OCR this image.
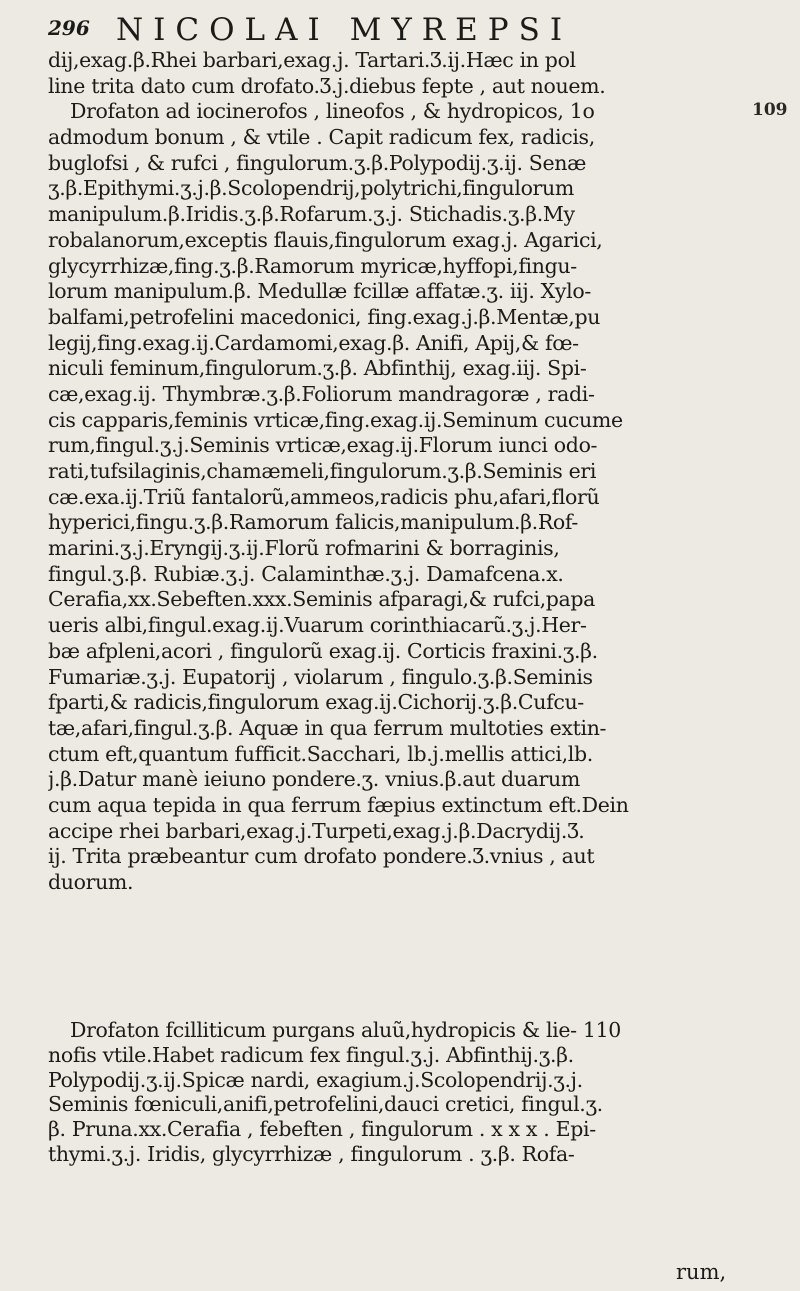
296 NICOLAI MYREPSI
dij,exag.β.Rhei barbari,exag.j. Tartari.Ʒ.ij.Hæc in pol
line trita dato cum drofato.Ʒ.j.diebus fepte , aut nouem.
Drofaton ad iocinerofos , lineofos , & hydropicos, 1o
admodum bonum , & vtile . Capit radicum fex, radicis,
buglofsi , & rufci , fingulorum.ʒ.β.Polypodij.ʒ.ij. Senæ
ʒ.β.Epithymi.ʒ.j.β.Scolopendrij,polytrichi,fingulorum
manipulum.β.Iridis.ʒ.β.Rofarum.ʒ.j. Stichadis.ʒ.β.My
robalanorum,exceptis flauis,fingulorum exag.j. Agarici,
glycyrrhizæ,fing.ʒ.β.Ramorum myricæ,hyffopi,fingu-
lorum manipulum.β. Medullæ fcillæ affatæ.ʒ. iij. Xylo-
balfami,petrofelini macedonici, fing.exag.j.β.Mentæ,pu
legij,fing.exag.ij.Cardamomi,exag.β. Anifi, Apij,& fœ-
niculi feminum,fingulorum.ʒ.β. Abfinthij, exag.iij. Spi-
cæ,exag.ij. Thymbræ.ʒ.β.Foliorum mandragoræ , radi-
cis capparis,feminis vrticæ,fing.exag.ij.Seminum cucume
rum,fingul.ʒ.j.Seminis vrticæ,exag.ij.Florum iunci odo-
rati,tufsilaginis,chamæmeli,fingulorum.ʒ.β.Seminis eri
cæ.exa.ij.Triũ fantalorũ,ammeos,radicis phu,afari,florũ
hyperici,fingu.ʒ.β.Ramorum falicis,manipulum.β.Rof-
marini.ʒ.j.Eryngij.ʒ.ij.Florũ rofmarini & borraginis,
fingul.ʒ.β. Rubiæ.ʒ.j. Calaminthæ.ʒ.j. Damafcena.x.
Cerafia,xx.Sebeften.xxx.Seminis afparagi,& rufci,papa
ueris albi,fingul.exag.ij.Vuarum corinthiacarũ.ʒ.j.Her-
bæ afpleni,acori , fingulorũ exag.ij. Corticis fraxini.ʒ.β.
Fumariæ.ʒ.j. Eupatorij , violarum , fingulo.ʒ.β.Seminis
fparti,& radicis,fingulorum exag.ij.Cichorij.ʒ.β.Cufcu-
tæ,afari,fingul.ʒ.β. Aquæ in qua ferrum multoties extin-
ctum eft,quantum fufficit.Sacchari, lb.j.mellis attici,lb.
j.β.Datur manè ieiuno pondere.ʒ. vnius.β.aut duarum
cum aqua tepida in qua ferrum fæpius extinctum eft.Dein
accipe rhei barbari,exag.j.Turpeti,exag.j.β.Dacrydij.Ʒ.
ij. Trita præbeantur cum drofato pondere.Ʒ.vnius , aut
duorum.
109
Drofaton fcilliticum purgans aluũ,hydropicis & lie- 110
nofis vtile.Habet radicum fex fingul.ʒ.j. Abfinthij.ʒ.β.
Polypodij.ʒ.ij.Spicæ nardi, exagium.j.Scolopendrij.ʒ.j.
Seminis fœniculi,anifi,petrofelini,dauci cretici, fingul.ʒ.
β. Pruna.xx.Cerafia , febeften , fingulorum . x x x . Epi-
thymi.ʒ.j. Iridis, glycyrrhizæ , fingulorum . ʒ.β. Rofa-
rum,
